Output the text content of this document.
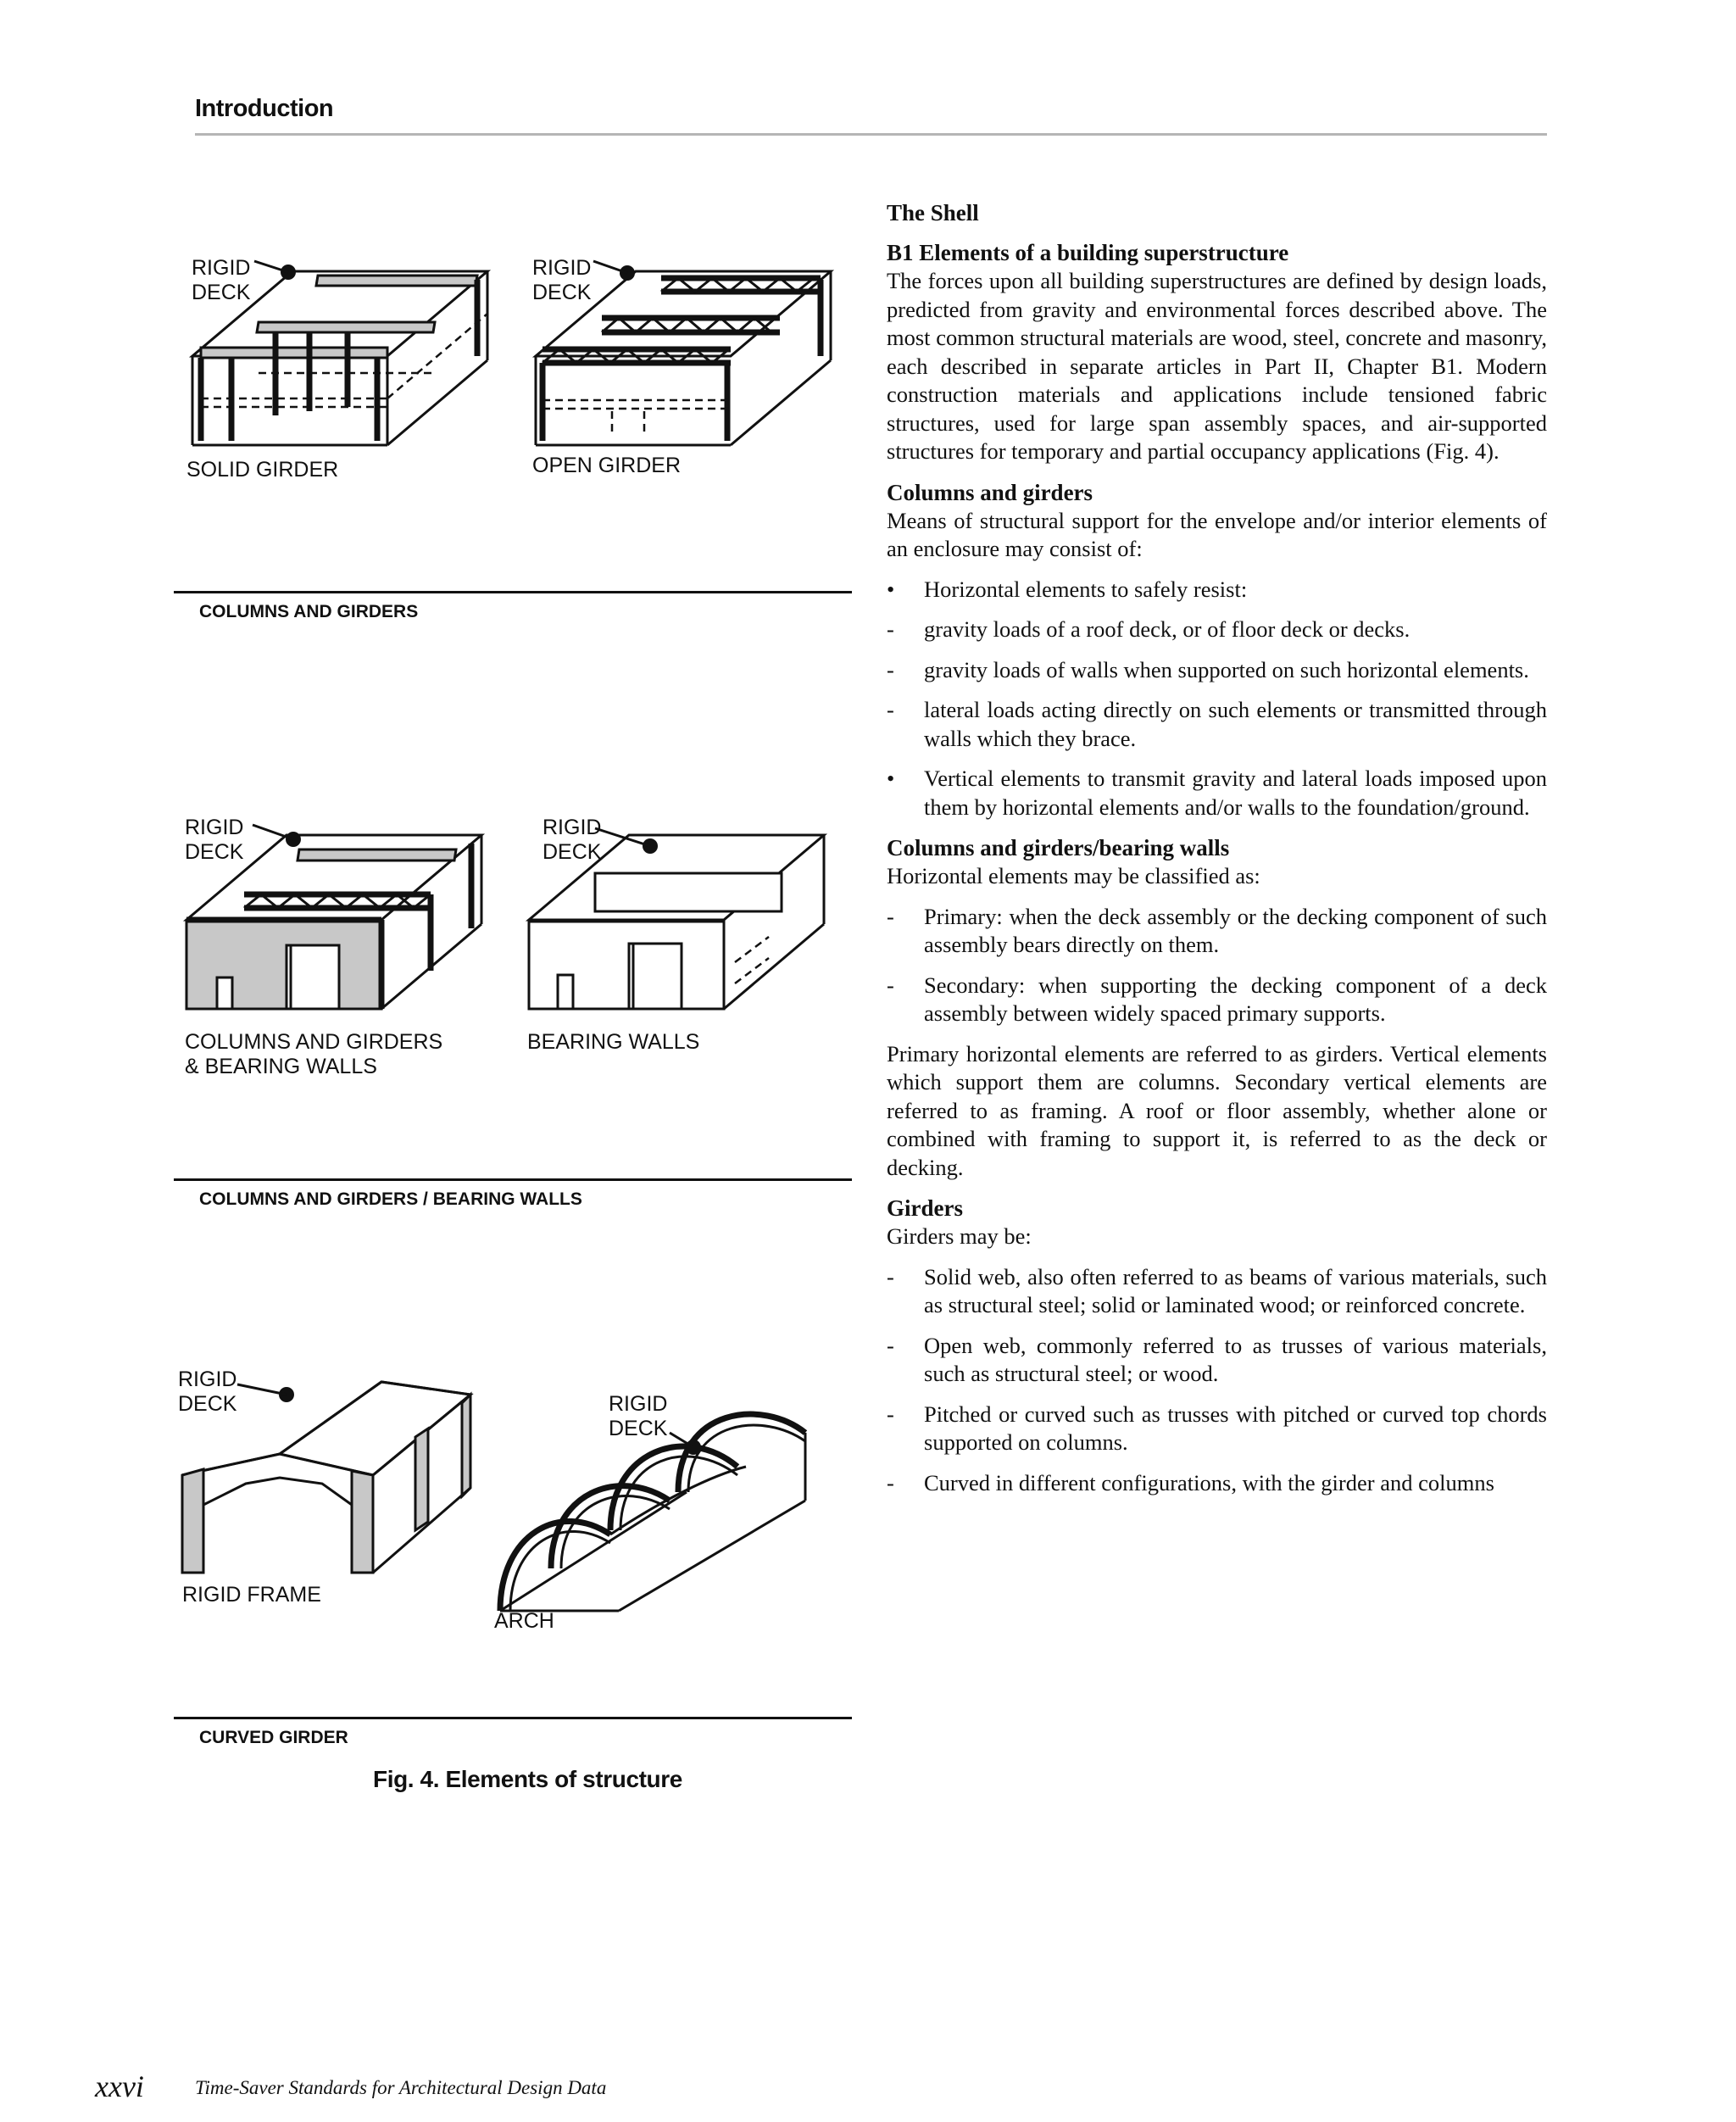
Introduction
RIGID
DECK
SOLID GIRDER
RIGID
DECK
OPEN GIRDER
COLUMNS AND GIRDERS
RIGID
DECK
COLUMNS AND GIRDERS
& BEARING WALLS
RIGID
DECK
BEARING WALLS
COLUMNS AND GIRDERS / BEARING WALLS
RIGID
DECK
RIGID FRAME
RIGID
DECK
ARCH
CURVED GIRDER
Fig. 4. Elements of structure
The Shell
B1 Elements of a building superstructure

The forces upon all building superstructures are defined by design loads, predicted from gravity and environmental forces described above. The most common structural materials are wood, steel, concrete and masonry, each described in separate articles in Part II, Chapter B1. Modern construction materials and applications include tensioned fabric structures, used for large span assembly spaces, and air-supported structures for temporary and partial occupancy applications (Fig. 4).

Columns and girders

Means of structural support for the envelope and/or interior elements of an enclosure may consist of:

• Horizontal elements to safely resist:
- gravity loads of a roof deck, or of floor deck or decks.
- gravity loads of walls when supported on such horizontal elements.
- lateral loads acting directly on such elements or transmitted through walls which they brace.
• Vertical elements to transmit gravity and lateral loads imposed upon them by horizontal elements and/or walls to the foundation/ground.
Columns and girders/bearing walls

Horizontal elements may be classified as:

- Primary: when the deck assembly or the decking component of such assembly bears directly on them.
- Secondary: when supporting the decking component of a deck assembly between widely spaced primary supports.

Primary horizontal elements are referred to as girders. Vertical elements which support them are columns. Secondary vertical elements are referred to as framing. A roof or floor assembly, whether alone or combined with framing to support it, is referred to as the deck or decking.

Girders

Girders may be:

- Solid web, also often referred to as beams of various materials, such as structural steel; solid or laminated wood; or reinforced concrete.
- Open web, commonly referred to as trusses of various materials, such as structural steel; or wood.
- Pitched or curved such as trusses with pitched or curved top chords supported on columns.
- Curved in different configurations, with the girder and columns
xxvi	Time-Saver Standards for Architectural Design Data
